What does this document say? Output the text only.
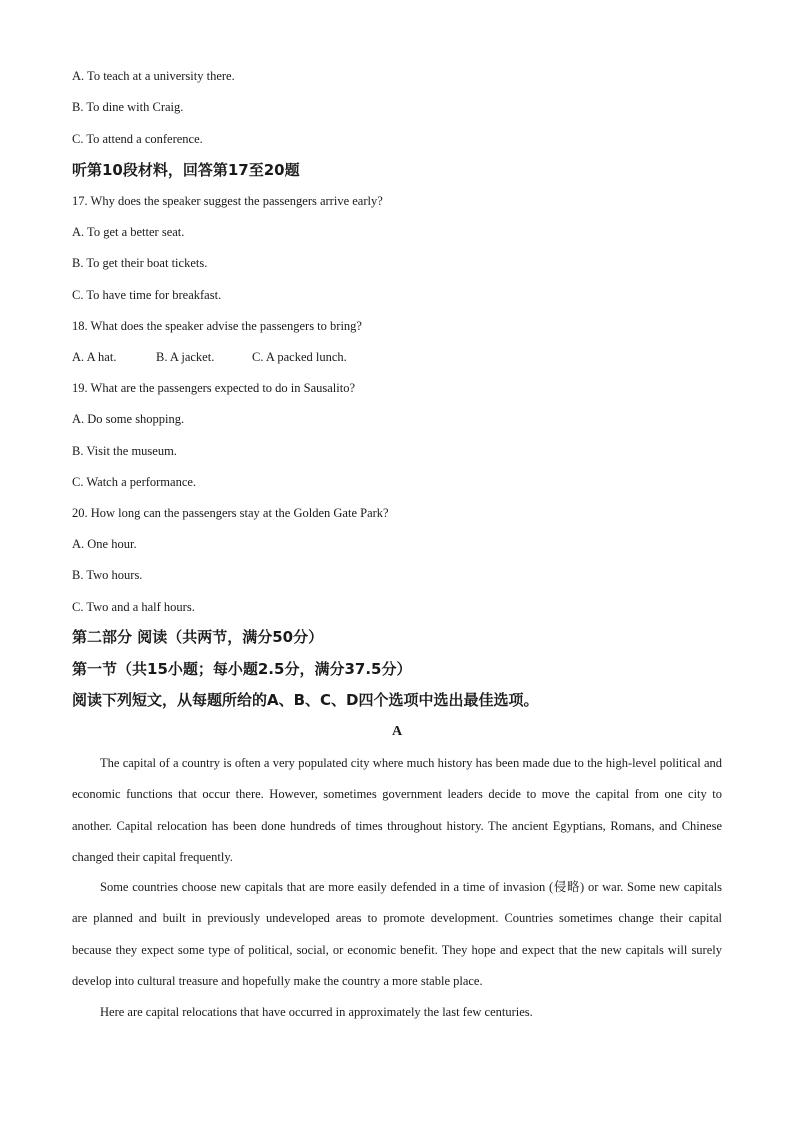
A. To teach at a university there.
B. To dine with Craig.
C. To attend a conference.
听第10段材料，回答第17至20题
17. Why does the speaker suggest the passengers arrive early?
A. To get a better seat.
B. To get their boat tickets.
C. To have time for breakfast.
18. What does the speaker advise the passengers to bring?
A. A hat.	B. A jacket.	C. A packed lunch.
19. What are the passengers expected to do in Sausalito?
A. Do some shopping.
B. Visit the museum.
C. Watch a performance.
20. How long can the passengers stay at the Golden Gate Park?
A. One hour.
B. Two hours.
C. Two and a half hours.
第二部分 阅读（共两节，满分50分）
第一节（共15小题；每小题2.5分，满分37.5分）
阅读下列短文，从每题所给的A、B、C、D四个选项中选出最佳选项。
A

The capital of a country is often a very populated city where much history has been made due to the high-level political and economic functions that occur there. However, sometimes government leaders decide to move the capital from one city to another. Capital relocation has been done hundreds of times throughout history. The ancient Egyptians, Romans, and Chinese changed their capital frequently.

Some countries choose new capitals that are more easily defended in a time of invasion (侵略) or war. Some new capitals are planned and built in previously undeveloped areas to promote development. Countries sometimes change their capital because they expect some type of political, social, or economic benefit. They hope and expect that the new capitals will surely develop into cultural treasure and hopefully make the country a more stable place.

Here are capital relocations that have occurred in approximately the last few centuries.
